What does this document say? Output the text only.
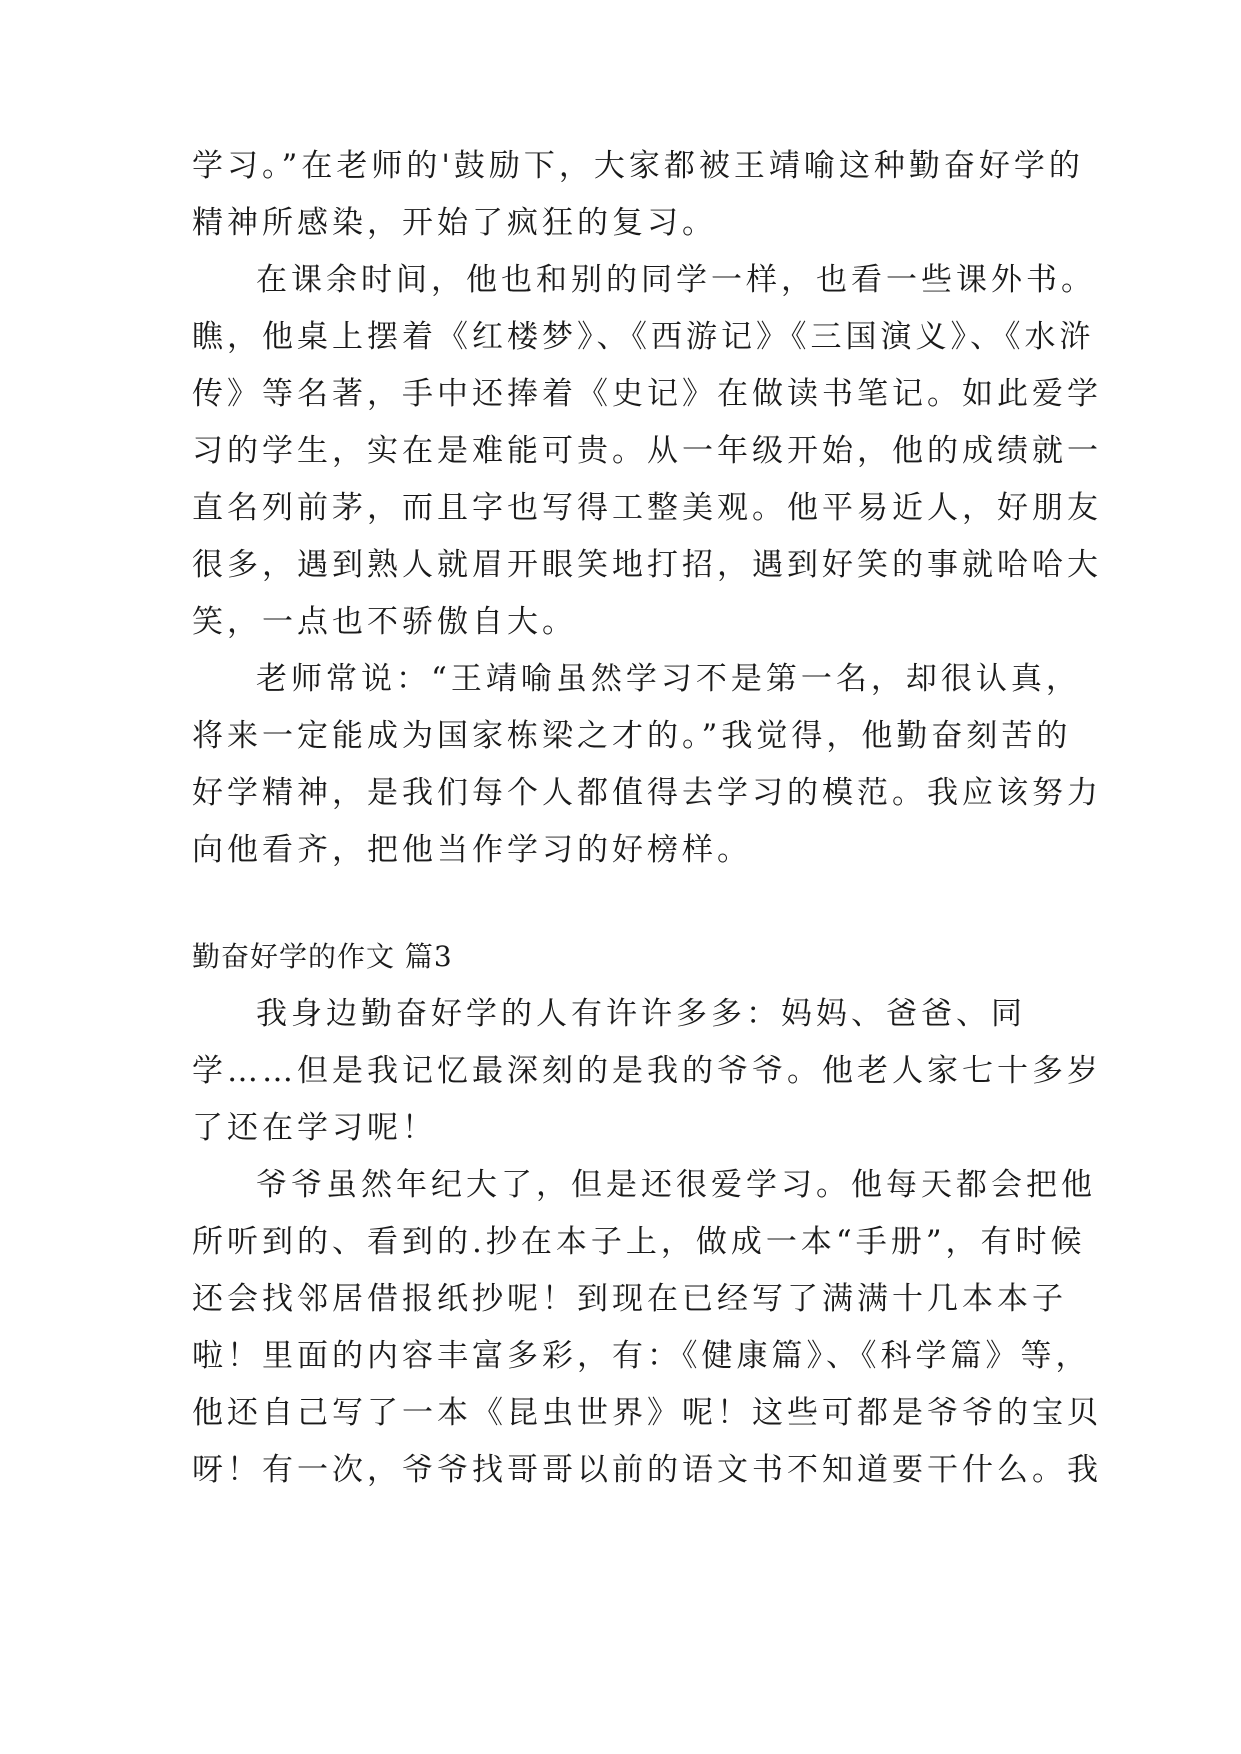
学习。”在老师的'鼓励下，大家都被王靖喻这种勤奋好学的
精神所感染，开始了疯狂的复习。
在课余时间，他也和别的同学一样，也看一些课外书。
瞧，他桌上摆着《红楼梦》、《西游记》《三国演义》、《水浒
传》等名著，手中还捧着《史记》在做读书笔记。如此爱学
习的学生，实在是难能可贵。从一年级开始，他的成绩就一
直名列前茅，而且字也写得工整美观。他平易近人，好朋友
很多，遇到熟人就眉开眼笑地打招，遇到好笑的事就哈哈大
笑，一点也不骄傲自大。
老师常说：“王靖喻虽然学习不是第一名，却很认真，
将来一定能成为国家栋梁之才的。”我觉得，他勤奋刻苦的
好学精神，是我们每个人都值得去学习的模范。我应该努力
向他看齐，把他当作学习的好榜样。
勤奋好学的作文 篇3
我身边勤奋好学的人有许许多多：妈妈、爸爸、同
学……但是我记忆最深刻的是我的爷爷。他老人家七十多岁
了还在学习呢！
爷爷虽然年纪大了，但是还很爱学习。他每天都会把他
所听到的、看到的.抄在本子上，做成一本“手册”，有时候
还会找邻居借报纸抄呢！到现在已经写了满满十几本本子
啦！里面的内容丰富多彩，有：《健康篇》、《科学篇》等，
他还自己写了一本《昆虫世界》呢！这些可都是爷爷的宝贝
呀！有一次，爷爷找哥哥以前的语文书不知道要干什么。我
